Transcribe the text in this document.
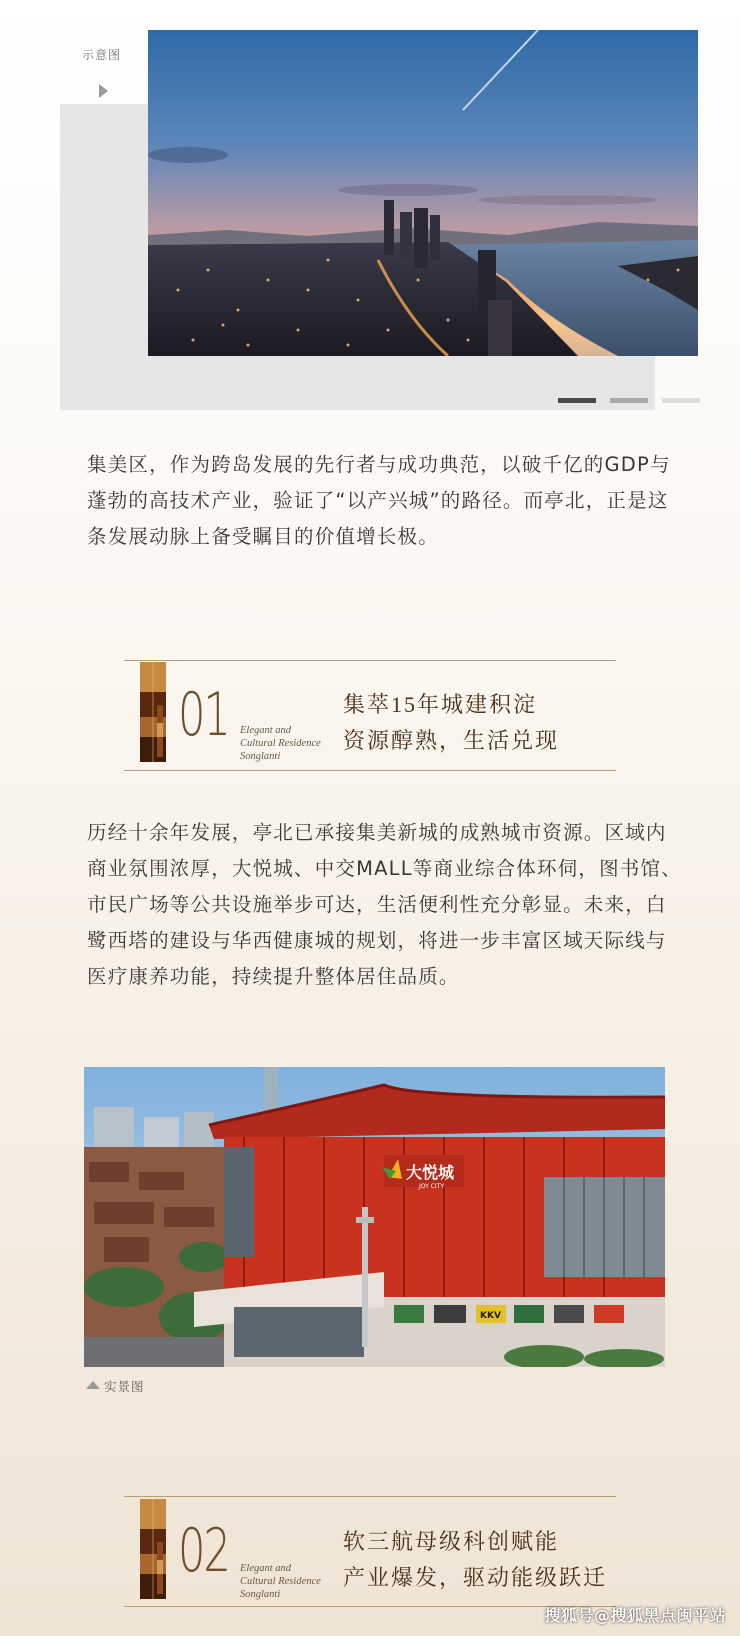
示意图

集美区，作为跨岛发展的先行者与成功典范，以破千亿的GDP与蓬勃的高技术产业，验证了“以产兴城”的路径。而亭北，正是这条发展动脉上备受瞩目的价值增长极。

01 Elegant and
Cultural Residence
Songlanti
集萃15年城建积淀
资源醇熟，生活兑现

历经十余年发展，亭北已承接集美新城的成熟城市资源。区域内商业氛围浓厚，大悦城、中交MALL等商业综合体环伺，图书馆、市民广场等公共设施举步可达，生活便利性充分彰显。未来，白鹭西塔的建设与华西健康城的规划，将进一步丰富区域天际线与医疗康养功能，持续提升整体居住品质。

大悦城
JOY CITY
KKV
实景图
02 Elegant and
Cultural Residence
Songlanti
软三航母级科创赋能
产业爆发，驱动能级跃迁
搜狐号@搜狐黑点闽平站
